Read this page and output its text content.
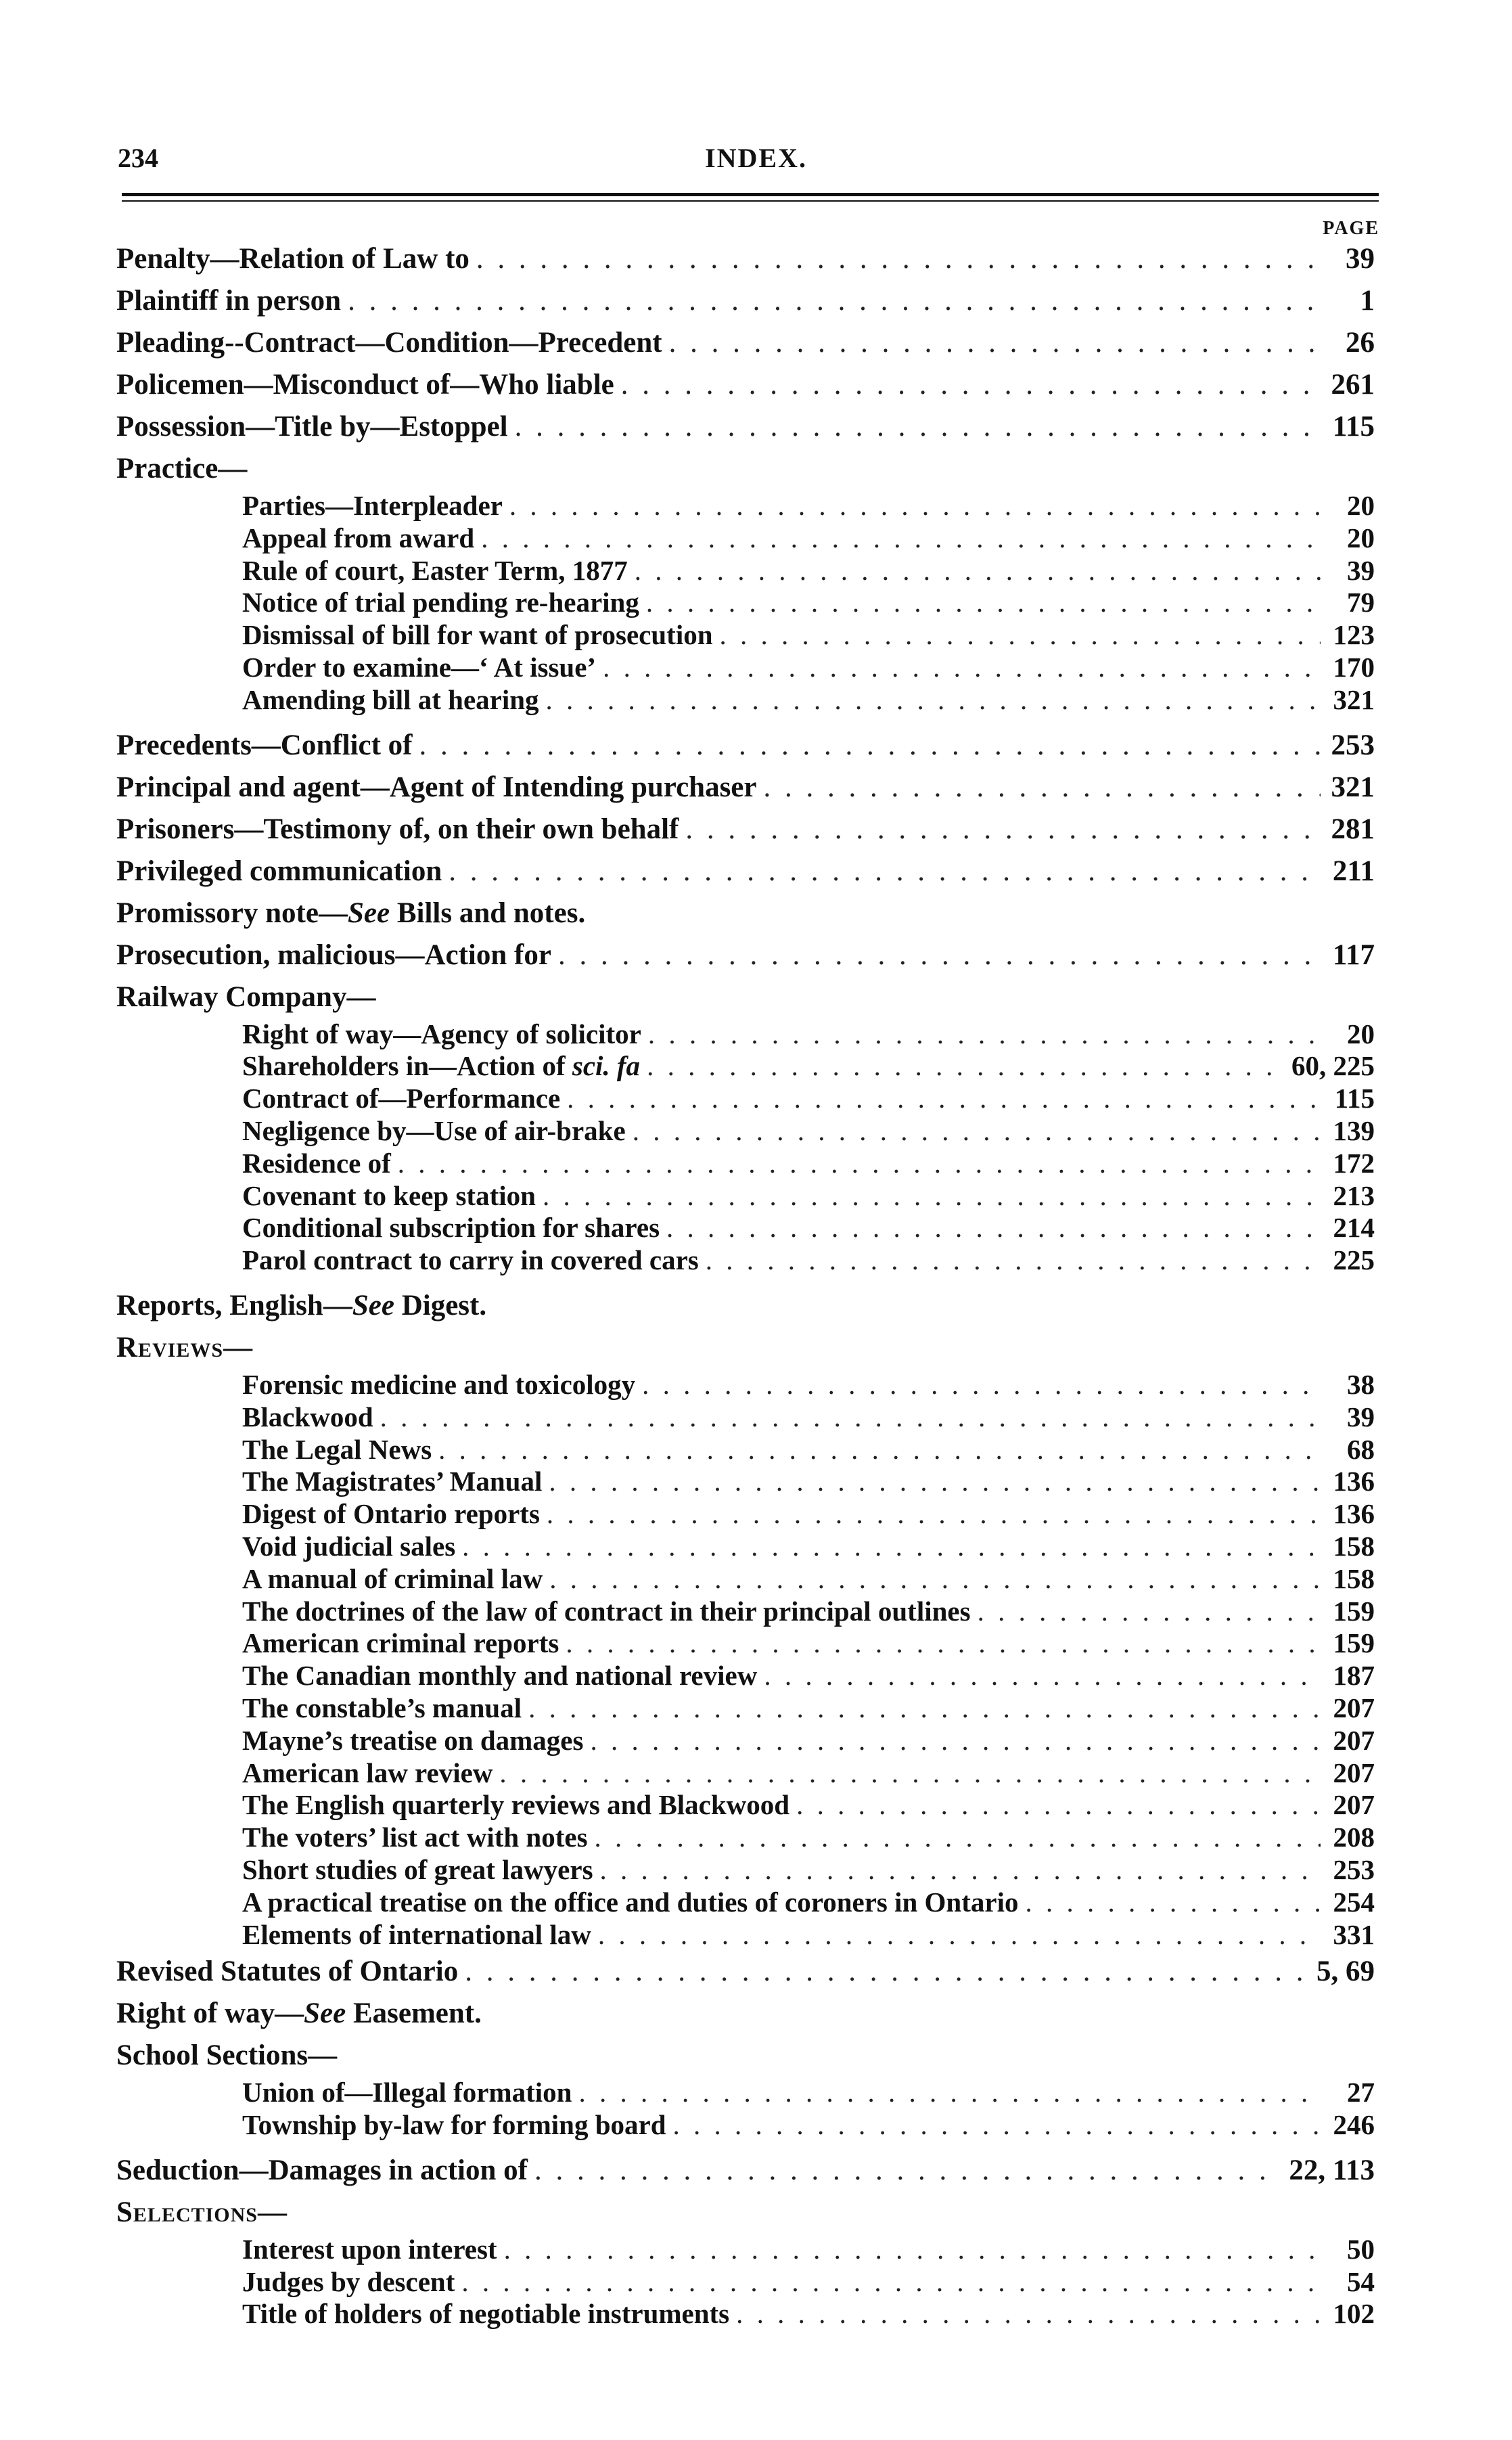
234	INDEX.
PAGE
Penalty—Relation of Law to . . .	39
Plaintiff in person . . .	1
Pleading--Contract—Condition—Precedent . . .	26
Policemen—Misconduct of—Who liable . . .	261
Possession—Title by—Estoppel . . .	115
Practice—
Parties—Interpleader . . .	20
Appeal from award . . .	20
Rule of court, Easter Term, 1877 . . .	39
Notice of trial pending re-hearing . . .	79
Dismissal of bill for want of prosecution . . .	123
Order to examine—‘ At issue’ . . .	170
Amending bill at hearing . . .	321
Precedents—Conflict of . . .	253
Principal and agent—Agent of Intending purchaser . . .	321
Prisoners—Testimony of, on their own behalf . . .	281
Privileged communication . . .	211
Promissory note—See Bills and notes.
Prosecution, malicious—Action for . . .	117
Railway Company—
Right of way—Agency of solicitor . . .	20
Shareholders in—Action of sci. fa . . .	60, 225
Contract of—Performance . . .	115
Negligence by—Use of air-brake . . .	139
Residence of . . .	172
Covenant to keep station . . .	213
Conditional subscription for shares . . .	214
Parol contract to carry in covered cars . . .	225
Reports, English—See Digest.
Reviews—
Forensic medicine and toxicology . . .	38
Blackwood . . .	39
The Legal News . . .	68
The Magistrates’ Manual . . .	136
Digest of Ontario reports . . .	136
Void judicial sales . . .	158
A manual of criminal law . . .	158
The doctrines of the law of contract in their principal outlines . . .	159
American criminal reports . . .	159
The Canadian monthly and national review . . .	187
The constable’s manual . . .	207
Mayne’s treatise on damages . . .	207
American law review . . .	207
The English quarterly reviews and Blackwood . . .	207
The voters’ list act with notes . . .	208
Short studies of great lawyers . . .	253
A practical treatise on the office and duties of coroners in Ontario . . .	254
Elements of international law . . .	331
Revised Statutes of Ontario . . .	5, 69
Right of way—See Easement.
School Sections—
Union of—Illegal formation . . .	27
Township by-law for forming board . . .	246
Seduction—Damages in action of . . .	22, 113
Selections—
Interest upon interest . . .	50
Judges by descent . . .	54
Title of holders of negotiable instruments . . .	102
